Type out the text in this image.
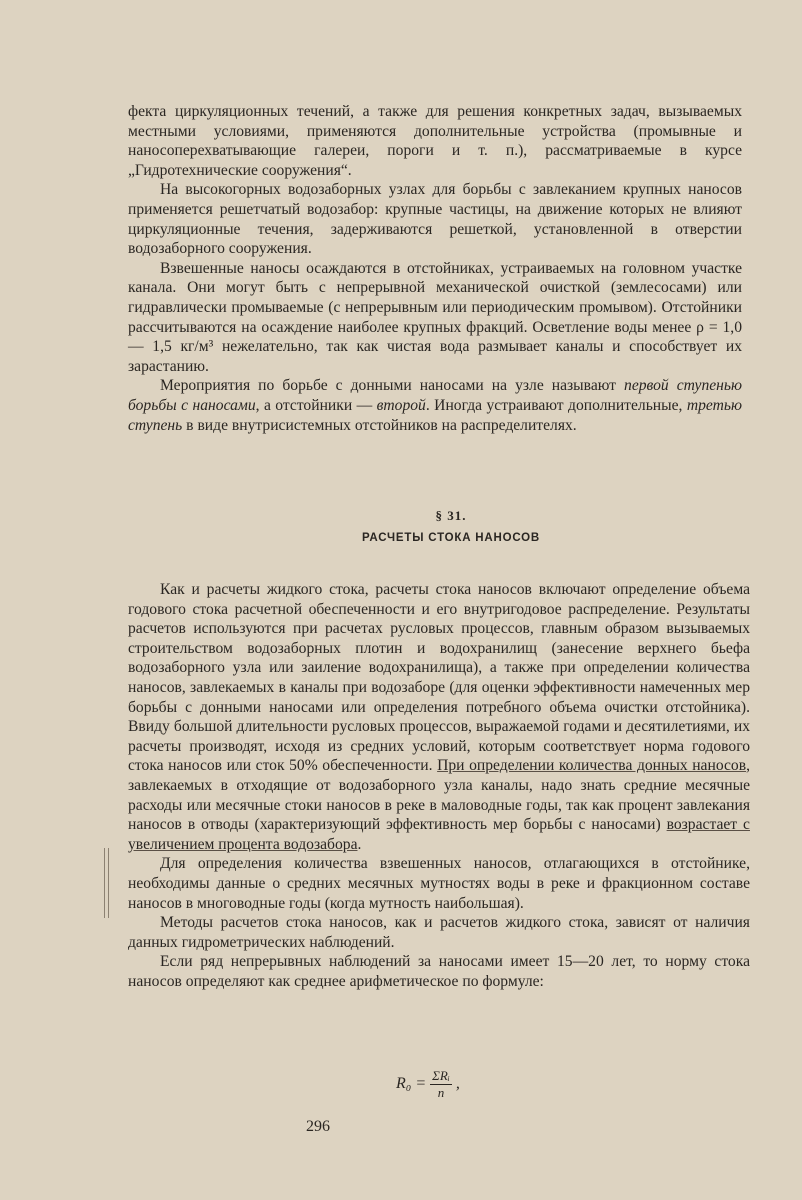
фекта циркуляционных течений, а также для решения конкретных задач, вызываемых местными условиями, применяются дополнительные устройства (промывные и наносоперехватывающие галереи, пороги и т. п.), рассматриваемые в курсе „Гидротехнические сооружения“.

На высокогорных водозаборных узлах для борьбы с завлеканием крупных наносов применяется решетчатый водозабор: крупные частицы, на движение которых не влияют циркуляционные течения, задерживаются решеткой, установленной в отверстии водозаборного сооружения.

Взвешенные наносы осаждаются в отстойниках, устраиваемых на головном участке канала. Они могут быть с непрерывной механической очисткой (землесосами) или гидравлически промываемые (с непрерывным или периодическим промывом). Отстойники рассчитываются на осаждение наиболее крупных фракций. Осветление воды менее ρ = 1,0 — 1,5 кг/м³ нежелательно, так как чистая вода размывает каналы и способствует их зарастанию.

Мероприятия по борьбе с донными наносами на узле называют первой ступенью борьбы с наносами, а отстойники — второй. Иногда устраивают дополнительные, третью ступень в виде внутрисистемных отстойников на распределителях.

§ 31.
РАСЧЕТЫ СТОКА НАНОСОВ

Как и расчеты жидкого стока, расчеты стока наносов включают определение объема годового стока расчетной обеспеченности и его внутригодовое распределение. Результаты расчетов используются при расчетах русловых процессов, главным образом вызываемых строительством водозаборных плотин и водохранилищ (занесение верхнего бьефа водозаборного узла или заиление водохранилища), а также при определении количества наносов, завлекаемых в каналы при водозаборе (для оценки эффективности намеченных мер борьбы с донными наносами или определения потребного объема очистки отстойника). Ввиду большой длительности русловых процессов, выражаемой годами и десятилетиями, их расчеты производят, исходя из средних условий, которым соответствует норма годового стока наносов или сток 50% обеспеченности. При определении количества донных наносов, завлекаемых в отходящие от водозаборного узла каналы, надо знать средние месячные расходы или месячные стоки наносов в реке в маловодные годы, так как процент завлекания наносов в отводы (характеризующий эффективность мер борьбы с наносами) возрастает с увеличением процента водозабора.

Для определения количества взвешенных наносов, отлагающихся в отстойнике, необходимы данные о средних месячных мутностях воды в реке и фракционном составе наносов в многоводные годы (когда мутность наибольшая).

Методы расчетов стока наносов, как и расчетов жидкого стока, зависят от наличия данных гидрометрических наблюдений.

Если ряд непрерывных наблюдений за наносами имеет 15—20 лет, то норму стока наносов определяют как среднее арифметическое по формуле:

$R_0 = \frac{\text{ΣRᵢ}}{n}$ ,
296
